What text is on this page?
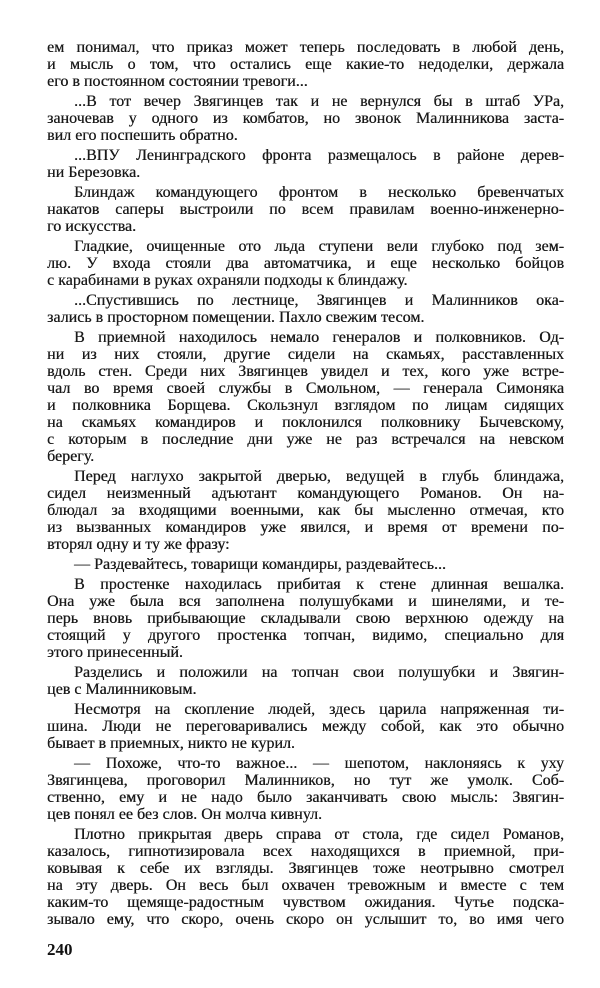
ем понимал, что приказ может теперь последовать в любой день,
и мысль о том, что остались еще какие-то недоделки, держала
его в постоянном состоянии тревоги...
...В тот вечер Звягинцев так и не вернулся бы в штаб УРа,
заночевав у одного из комбатов, но звонок Малинникова заста-
вил его поспешить обратно.
...ВПУ Ленинградского фронта размещалось в районе дерев-
ни Березовка.
Блиндаж командующего фронтом в несколько бревенчатых
накатов саперы выстроили по всем правилам военно-инженерно-
го искусства.
Гладкие, очищенные ото льда ступени вели глубоко под зем-
лю. У входа стояли два автоматчика, и еще несколько бойцов
с карабинами в руках охраняли подходы к блиндажу.
...Спустившись по лестнице, Звягинцев и Малинников ока-
зались в просторном помещении. Пахло свежим тесом.
В приемной находилось немало генералов и полковников. Од-
ни из них стояли, другие сидели на скамьях, расставленных
вдоль стен. Среди них Звягинцев увидел и тех, кого уже встре-
чал во время своей службы в Смольном, — генерала Симоняка
и полковника Борщева. Скользнул взглядом по лицам сидящих
на скамьях командиров и поклонился полковнику Бычевскому,
с которым в последние дни уже не раз встречался на невском
берегу.
Перед наглухо закрытой дверью, ведущей в глубь блиндажа,
сидел неизменный адъютант командующего Романов. Он на-
блюдал за входящими военными, как бы мысленно отмечая, кто
из вызванных командиров уже явился, и время от времени по-
вторял одну и ту же фразу:
— Раздевайтесь, товарищи командиры, раздевайтесь...
В простенке находилась прибитая к стене длинная вешалка.
Она уже была вся заполнена полушубками и шинелями, и те-
перь вновь прибывающие складывали свою верхнюю одежду на
стоящий у другого простенка топчан, видимо, специально для
этого принесенный.
Разделись и положили на топчан свои полушубки и Звягин-
цев с Малинниковым.
Несмотря на скопление людей, здесь царила напряженная ти-
шина. Люди не переговаривались между собой, как это обычно
бывает в приемных, никто не курил.
— Похоже, что-то важное... — шепотом, наклоняясь к уху
Звягинцева, проговорил Малинников, но тут же умолк. Соб-
ственно, ему и не надо было заканчивать свою мысль: Звягин-
цев понял ее без слов. Он молча кивнул.
Плотно прикрытая дверь справа от стола, где сидел Романов,
казалось, гипнотизировала всех находящихся в приемной, при-
ковывая к себе их взгляды. Звягинцев тоже неотрывно смотрел
на эту дверь. Он весь был охвачен тревожным и вместе с тем
каким-то щемяще-радостным чувством ожидания. Чутье подска-
зывало ему, что скоро, очень скоро он услышит то, во имя чего
240
